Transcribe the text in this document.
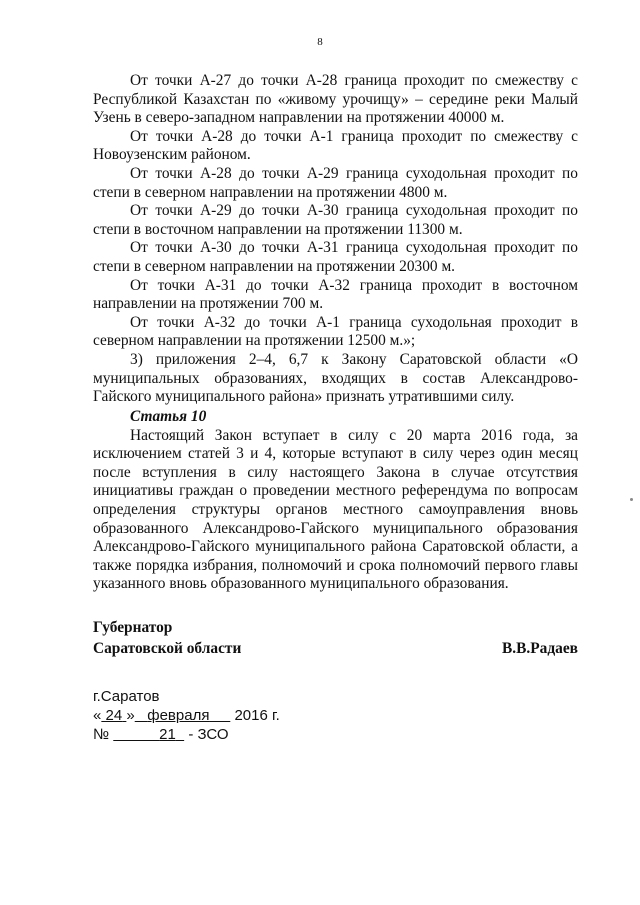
8

От точки А-27 до точки А-28 граница проходит по смежеству с Республикой Казахстан по «живому урочищу» – середине реки Малый Узень в северо-западном направлении на протяжении 40000 м.

От точки А-28 до точки А-1 граница проходит по смежеству с Новоузенским районом.

От точки А-28 до точки А-29 граница суходольная проходит по степи в северном направлении на протяжении 4800 м.

От точки А-29 до точки А-30 граница суходольная проходит по степи в восточном направлении на протяжении 11300 м.

От точки А-30 до точки А-31 граница суходольная проходит по степи в северном направлении на протяжении 20300 м.

От точки А-31 до точки А-32 граница проходит в восточном направлении на протяжении 700 м.

От точки А-32 до точки А-1 граница суходольная проходит в северном направлении на протяжении 12500 м.»;

3) приложения 2–4, 6,7 к Закону Саратовской области «О муниципальных образованиях, входящих в состав Александрово-Гайского муниципального района» признать утратившими силу.

Статья 10

Настоящий Закон вступает в силу с 20 марта 2016 года, за исключением статей 3 и 4, которые вступают в силу через один месяц после вступления в силу настоящего Закона в случае отсутствия инициативы граждан о проведении местного референдума по вопросам определения структуры органов местного самоуправления вновь образованного Александрово-Гайского муниципального образования Александрово-Гайского муниципального района Саратовской области, а также порядка избрания, полномочий и срока полномочий первого главы указанного вновь образованного муниципального образования.

Губернатор
Саратовской области	В.В.Радаев
г.Саратов
« 24 » февраля 2016 г.
№	21 - ЗСО
